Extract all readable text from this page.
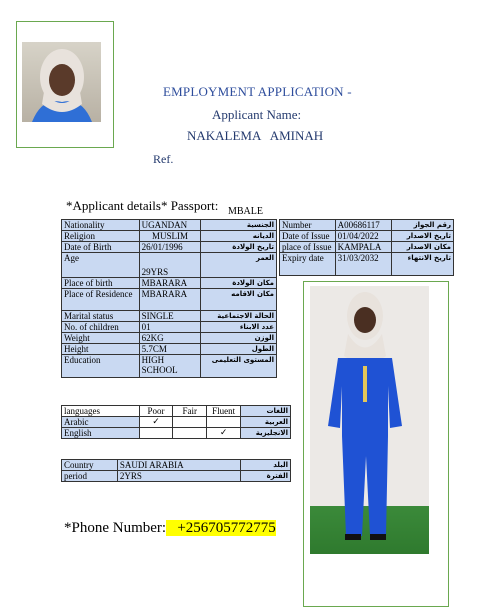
EMPLOYMENT APPLICATION -
Applicant Name:
NAKALEMA   AMINAH
Ref.
*Applicant details* Passport: MBALE
Nationality	UGANDAN	الجنسية
Religion	MUSLIM	الديانه
Date of Birth	26/01/1996	تاريخ الولادة
Age	29YRS	العمر
Place of birth	MBARARA	مكان الولادة
Place of Residence	MBARARA	مكان الاقامه
Marital status	SINGLE	الحالة الاجتماعية
No. of children	01	عدد الابناء
Weight	62KG	الوزن
Height	5.7CM	الطول
Education	HIGH SCHOOL	المستوى التعليمى
Number	A00686117	رقم الجواز
Date of Issue	01/04/2022	تاريخ الاصدار
place of Issue	KAMPALA	مكان الاصدار
Expiry date	31/03/2032	تاريخ الانتهاء
languages	Poor	Fair	Fluent	اللغات
Arabic	✓			العربية
English			✓	الانجليزية
Country	SAUDI ARABIA	البلد
period	2YRS	الفترة
*Phone Number:   +256705772775
